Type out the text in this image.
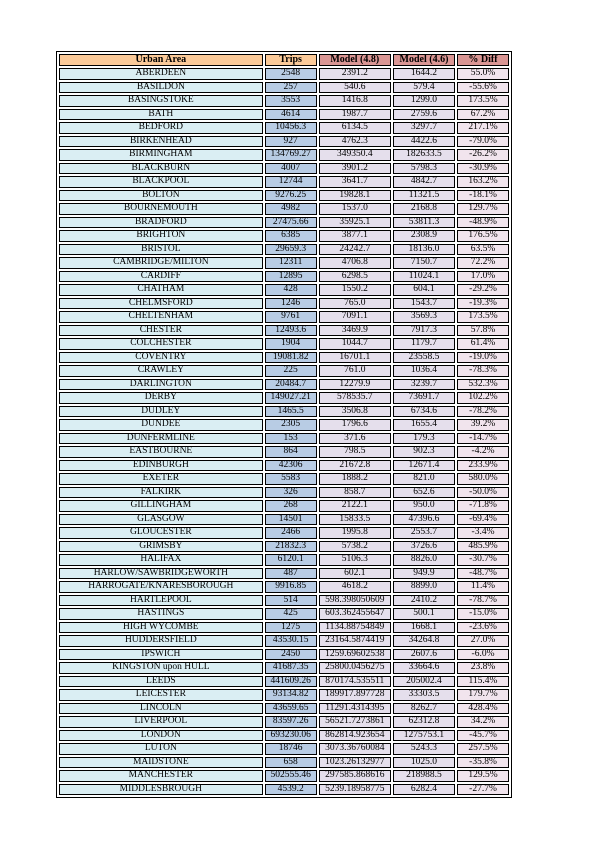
Urban Area	Trips	Model (4.8)	Model (4.6)	% Diff
ABERDEEN	2548	2391.2	1644.2	55.0%
BASILDON	257	540.6	579.4	-55.6%
BASINGSTOKE	3553	1416.8	1299.0	173.5%
BATH	4614	1987.7	2759.6	67.2%
BEDFORD	10456.3	6134.5	3297.7	217.1%
BIRKENHEAD	927	4762.3	4422.6	-79.0%
BIRMINGHAM	134769.27	349350.4	182633.5	-26.2%
BLACKBURN	4007	3901.2	5798.3	-30.9%
BLACKPOOL	12744	3641.7	4842.7	163.2%
BOLTON	9276.25	19828.1	11321.5	-18.1%
BOURNEMOUTH	4982	1537.0	2168.8	129.7%
BRADFORD	27475.66	35925.1	53811.3	-48.9%
BRIGHTON	6385	3877.1	2308.9	176.5%
BRISTOL	29659.3	24242.7	18136.0	63.5%
CAMBRIDGE/MILTON	12311	4706.8	7150.7	72.2%
CARDIFF	12895	6298.5	11024.1	17.0%
CHATHAM	428	1550.2	604.1	-29.2%
CHELMSFORD	1246	765.0	1543.7	-19.3%
CHELTENHAM	9761	7091.1	3569.3	173.5%
CHESTER	12493.6	3469.9	7917.3	57.8%
COLCHESTER	1904	1044.7	1179.7	61.4%
COVENTRY	19081.82	16701.1	23558.5	-19.0%
CRAWLEY	225	761.0	1036.4	-78.3%
DARLINGTON	20484.7	12279.9	3239.7	532.3%
DERBY	149027.21	578535.7	73691.7	102.2%
DUDLEY	1465.5	3506.8	6734.6	-78.2%
DUNDEE	2305	1796.6	1655.4	39.2%
DUNFERMLINE	153	371.6	179.3	-14.7%
EASTBOURNE	864	798.5	902.3	-4.2%
EDINBURGH	42306	21672.8	12671.4	233.9%
EXETER	5583	1888.2	821.0	580.0%
FALKIRK	326	858.7	652.6	-50.0%
GILLINGHAM	268	2122.1	950.0	-71.8%
GLASGOW	14501	15833.5	47396.6	-69.4%
GLOUCESTER	2466	1995.8	2553.7	-3.4%
GRIMSBY	21832.3	5738.2	3726.6	485.9%
HALIFAX	6120.1	5106.3	8826.0	-30.7%
HARLOW/SAWBRIDGEWORTH	487	602.1	949.9	-48.7%
HARROGATE/KNARESBOROUGH	9916.85	4618.2	8899.0	11.4%
HARTLEPOOL	514	598.398050609	2410.2	-78.7%
HASTINGS	425	603.362455647	500.1	-15.0%
HIGH WYCOMBE	1275	1134.88754849	1668.1	-23.6%
HUDDERSFIELD	43530.15	23164.5874419	34264.8	27.0%
IPSWICH	2450	1259.69602538	2607.6	-6.0%
KINGSTON upon HULL	41687.35	25800.0456275	33664.6	23.8%
LEEDS	441609.26	870174.535511	205002.4	115.4%
LEICESTER	93134.82	189917.897728	33303.5	179.7%
LINCOLN	43659.65	11291.4314395	8262.7	428.4%
LIVERPOOL	83597.26	56521.7273861	62312.8	34.2%
LONDON	693230.06	862814.923654	1275753.1	-45.7%
LUTON	18746	3073.36760084	5243.3	257.5%
MAIDSTONE	658	1023.26132977	1025.0	-35.8%
MANCHESTER	502555.46	297585.868616	218988.5	129.5%
MIDDLESBROUGH	4539.2	5239.18958775	6282.4	-27.7%
